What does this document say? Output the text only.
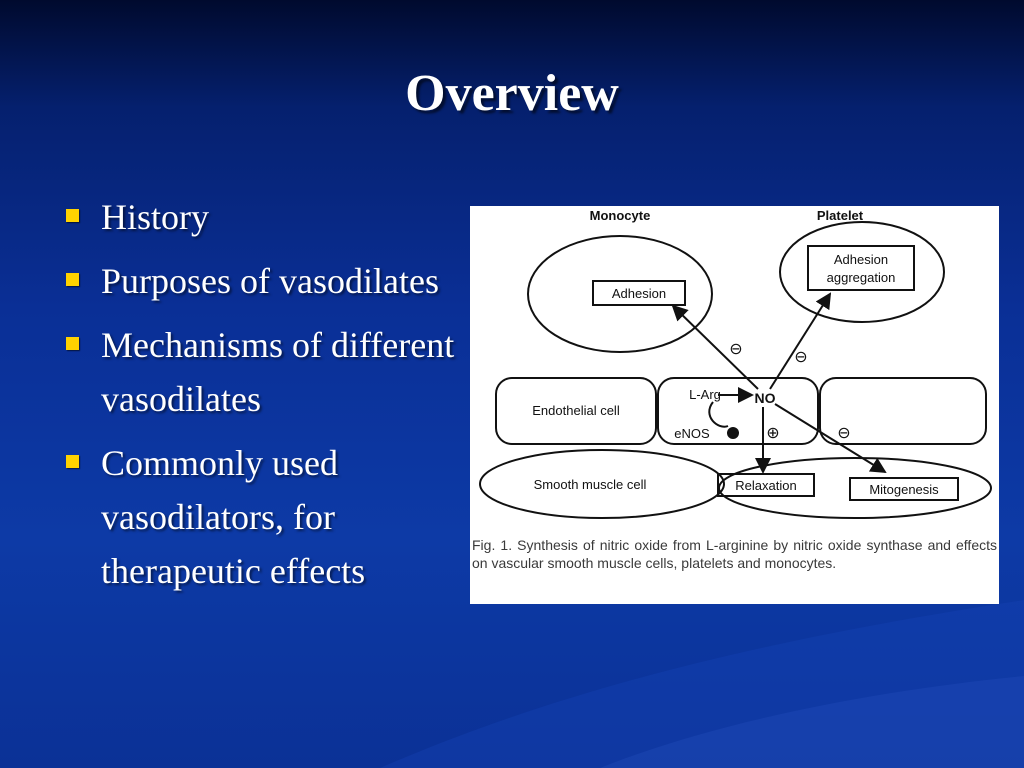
Overview
History
Purposes of vasodilates
Mechanisms of different vasodilates
Commonly used vasodilators, for therapeutic effects
Monocyte	Platelet
Adhesion
Adhesion
aggregation
Endothelial cell
L-Arg NO
eNOS
Smooth muscle cell	Relaxation	Mitogenesis
⊖	⊖
⊕	⊖
Fig. 1. Synthesis of nitric oxide from L-arginine by nitric oxide synthase and effects on vascular smooth muscle cells, platelets and monocytes.
